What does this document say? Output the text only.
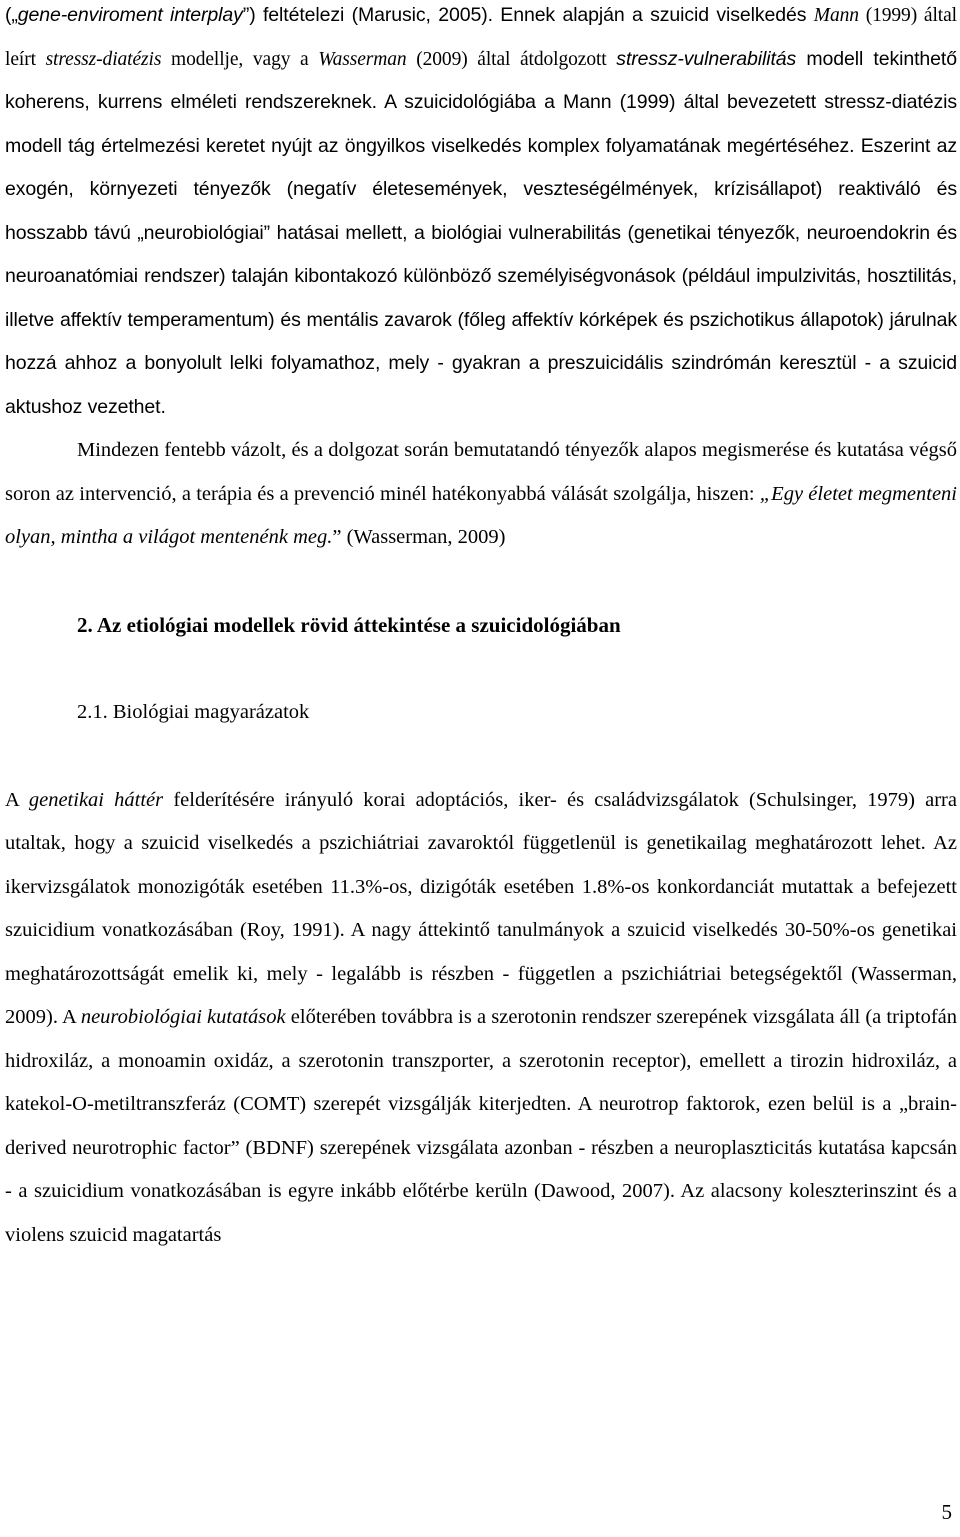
(„gene-enviroment interplay”) feltételezi (Marusic, 2005). Ennek alapján a szuicid viselkedés Mann (1999) által leírt stressz-diatézis modellje, vagy a Wasserman (2009) által átdolgozott stressz-vulnerabilitás modell tekinthető koherens, kurrens elméleti rendszereknek. A szuicidológiába a Mann (1999) által bevezetett stressz-diatézis modell tág értelmezési keretet nyújt az öngyilkos viselkedés komplex folyamatának megértéséhez. Eszerint az exogén, környezeti tényezők (negatív életesemények, veszteségélmények, krízisállapot) reaktiváló és hosszabb távú „neurobiológiai” hatásai mellett, a biológiai vulnerabilitás (genetikai tényezők, neuroendokrin és neuroanatómiai rendszer) talaján kibontakozó különböző személyiségvonások (például impulzivitás, hosztilitás, illetve affektív temperamentum) és mentális zavarok (főleg affektív kórképek és pszichotikus állapotok) járulnak hozzá ahhoz a bonyolult lelki folyamathoz, mely - gyakran a preszuicidális szindrómán keresztül - a szuicid aktushoz vezethet.

Mindezen fentebb vázolt, és a dolgozat során bemutatandó tényezők alapos megismerése és kutatása végső soron az intervenció, a terápia és a prevenció minél hatékonyabbá válását szolgálja, hiszen: „Egy életet megmenteni olyan, mintha a világot mentenénk meg.” (Wasserman, 2009)

2. Az etiológiai modellek rövid áttekintése a szuicidológiában
2.1. Biológiai magyarázatok

A genetikai háttér felderítésére irányuló korai adoptációs, iker- és családvizsgálatok (Schulsinger, 1979) arra utaltak, hogy a szuicid viselkedés a pszichiátriai zavaroktól függetlenül is genetikailag meghatározott lehet. Az ikervizsgálatok monozigóták esetében 11.3%-os, dizigóták esetében 1.8%-os konkordanciát mutattak a befejezett szuicidium vonatkozásában (Roy, 1991). A nagy áttekintő tanulmányok a szuicid viselkedés 30-50%-os genetikai meghatározottságát emelik ki, mely - legalább is részben - független a pszichiátriai betegségektől (Wasserman, 2009). A neurobiológiai kutatások előterében továbbra is a szerotonin rendszer szerepének vizsgálata áll (a triptofán hidroxiláz, a monoamin oxidáz, a szerotonin transzporter, a szerotonin receptor), emellett a tirozin hidroxiláz, a katekol-O-metiltranszferáz (COMT) szerepét vizsgálják kiterjedten. A neurotrop faktorok, ezen belül is a „brain-derived neurotrophic factor” (BDNF) szerepének vizsgálata azonban - részben a neuroplaszticitás kutatása kapcsán - a szuicidium vonatkozásában is egyre inkább előtérbe kerüln (Dawood, 2007). Az alacsony koleszterinszint és a violens szuicid magatartás

5
